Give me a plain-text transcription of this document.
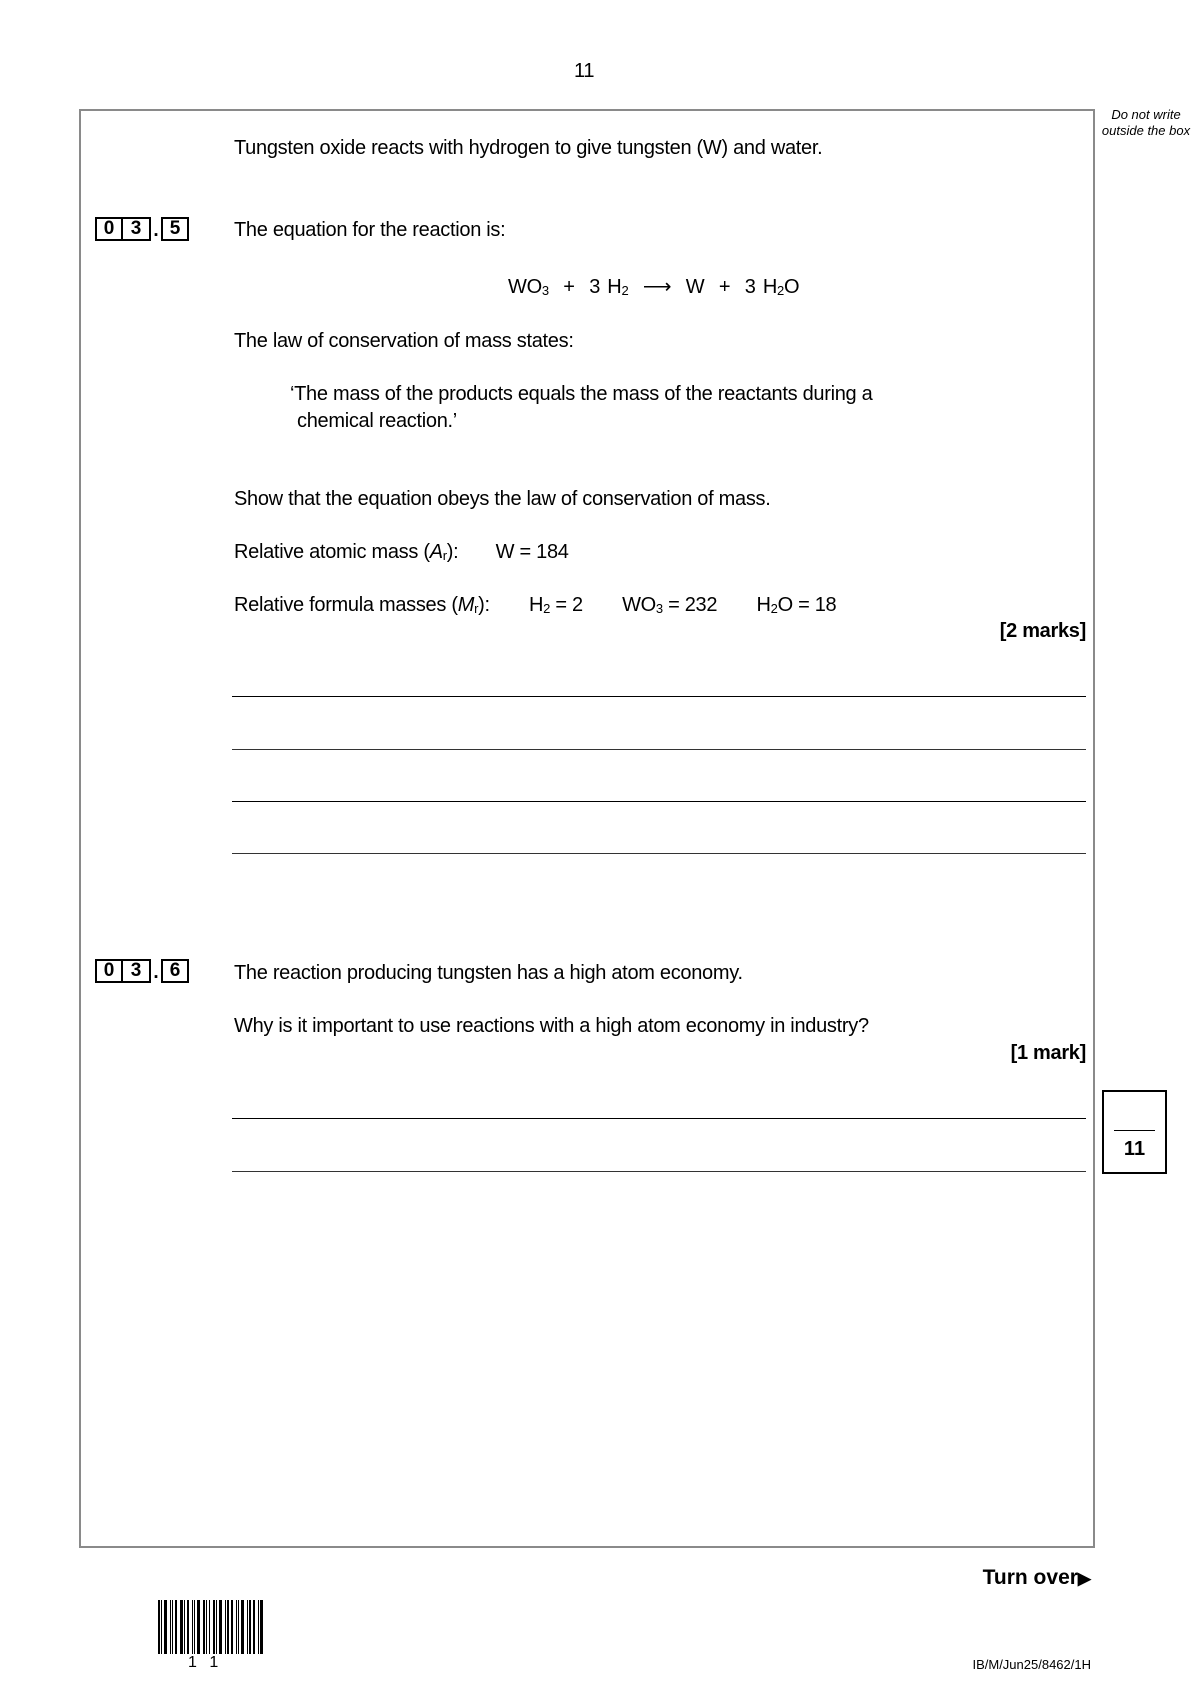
11
Do not write outside the box
Tungsten oxide reacts with hydrogen to give tungsten (W) and water.
0 3 . 5	The equation for the reaction is:
$WO_3 + 3$ $H_2$ ⟶ W + 3 $H_2O$
The law of conservation of mass states:
‘The mass of the products equals the mass of the reactants during a
chemical reaction.’
Show that the equation obeys the law of conservation of mass.
Relative atomic mass $(A_r)$: W = 184
Relative formula masses $(M_r)$: $H_2 = 2$ $WO_3 = 232$ $H_2O = 18$
[2 marks]
0 3 . 6	The reaction producing tungsten has a high atom economy.
Why is it important to use reactions with a high atom economy in industry?
[1 mark]
11
Turn over▶
1 1	IB/M/Jun25/8462/1H
